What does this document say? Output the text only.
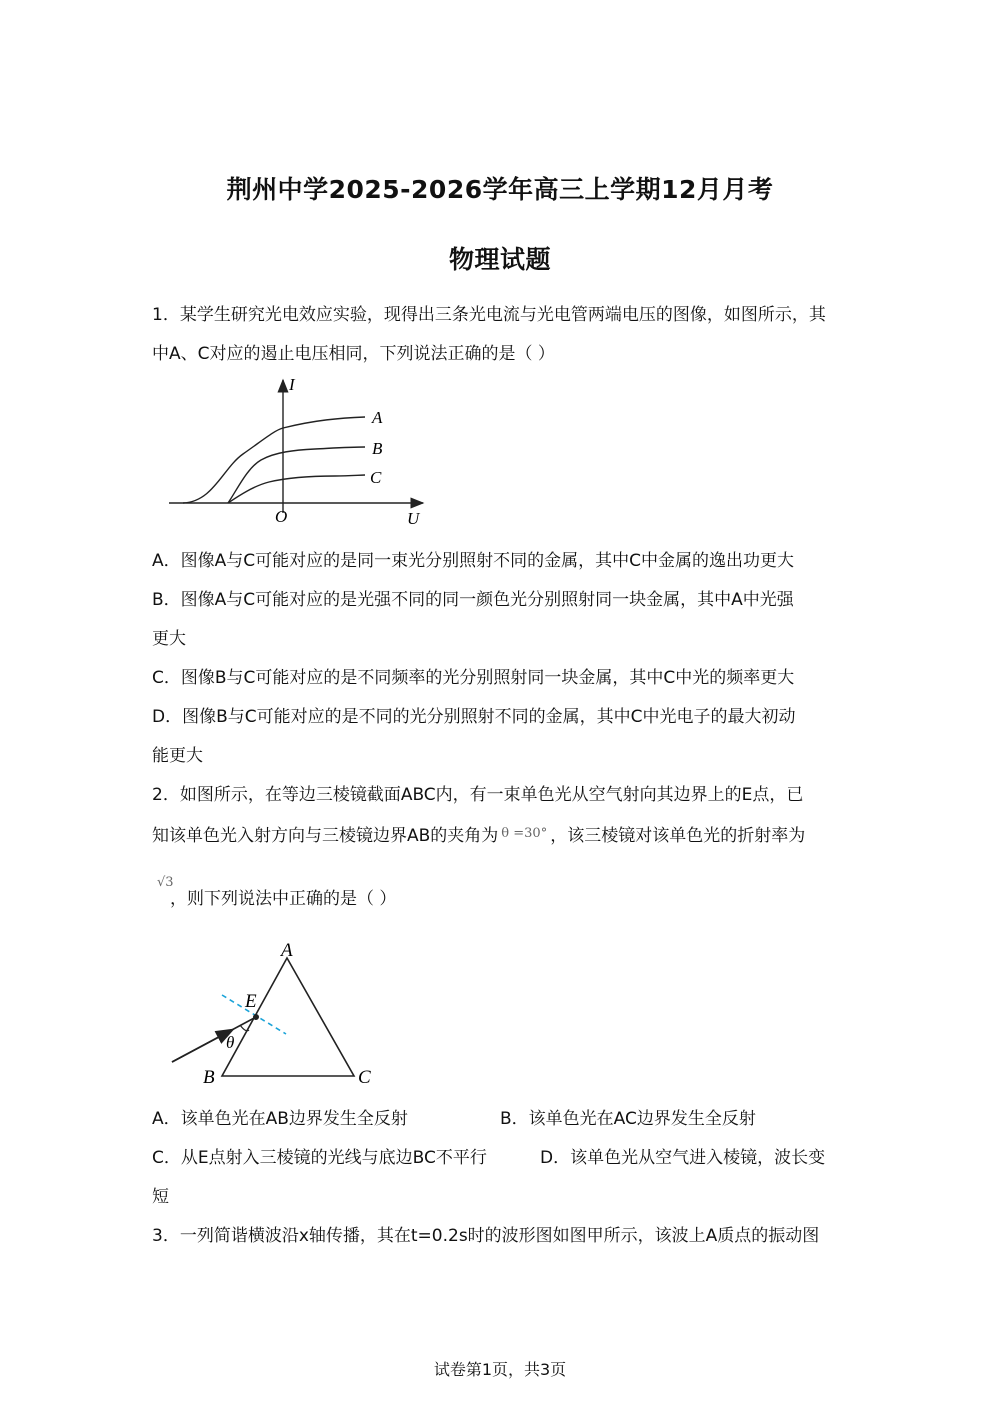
荆州中学2025-2026学年高三上学期12月月考
物理试题
1．某学生研究光电效应实验，现得出三条光电流与光电管两端电压的图像，如图所示，其
中A、C对应的遏止电压相同，下列说法正确的是（ ）
I
U
O
A
B
C
A．图像A与C可能对应的是同一束光分别照射不同的金属，其中C中金属的逸出功更大
B．图像A与C可能对应的是光强不同的同一颜色光分别照射同一块金属，其中A中光强
更大
C．图像B与C可能对应的是不同频率的光分别照射同一块金属，其中C中光的频率更大
D．图像B与C可能对应的是不同的光分别照射不同的金属，其中C中光电子的最大初动
能更大
2．如图所示，在等边三棱镜截面ABC内，有一束单色光从空气射向其边界上的E点，已
知该单色光入射方向与三棱镜边界AB的夹角为 $^{\theta =30^\circ}$ ，该三棱镜对该单色光的折射率为
√3
，则下列说法中正确的是（ ）
A
B	C
E
θ
A．该单色光在AB边界发生全反射	B．该单色光在AC边界发生全反射
C．从E点射入三棱镜的光线与底边BC不平行	D．该单色光从空气进入棱镜，波长变
短
3．一列简谐横波沿x轴传播，其在t=0.2s时的波形图如图甲所示，该波上A质点的振动图
试卷第1页，共3页
